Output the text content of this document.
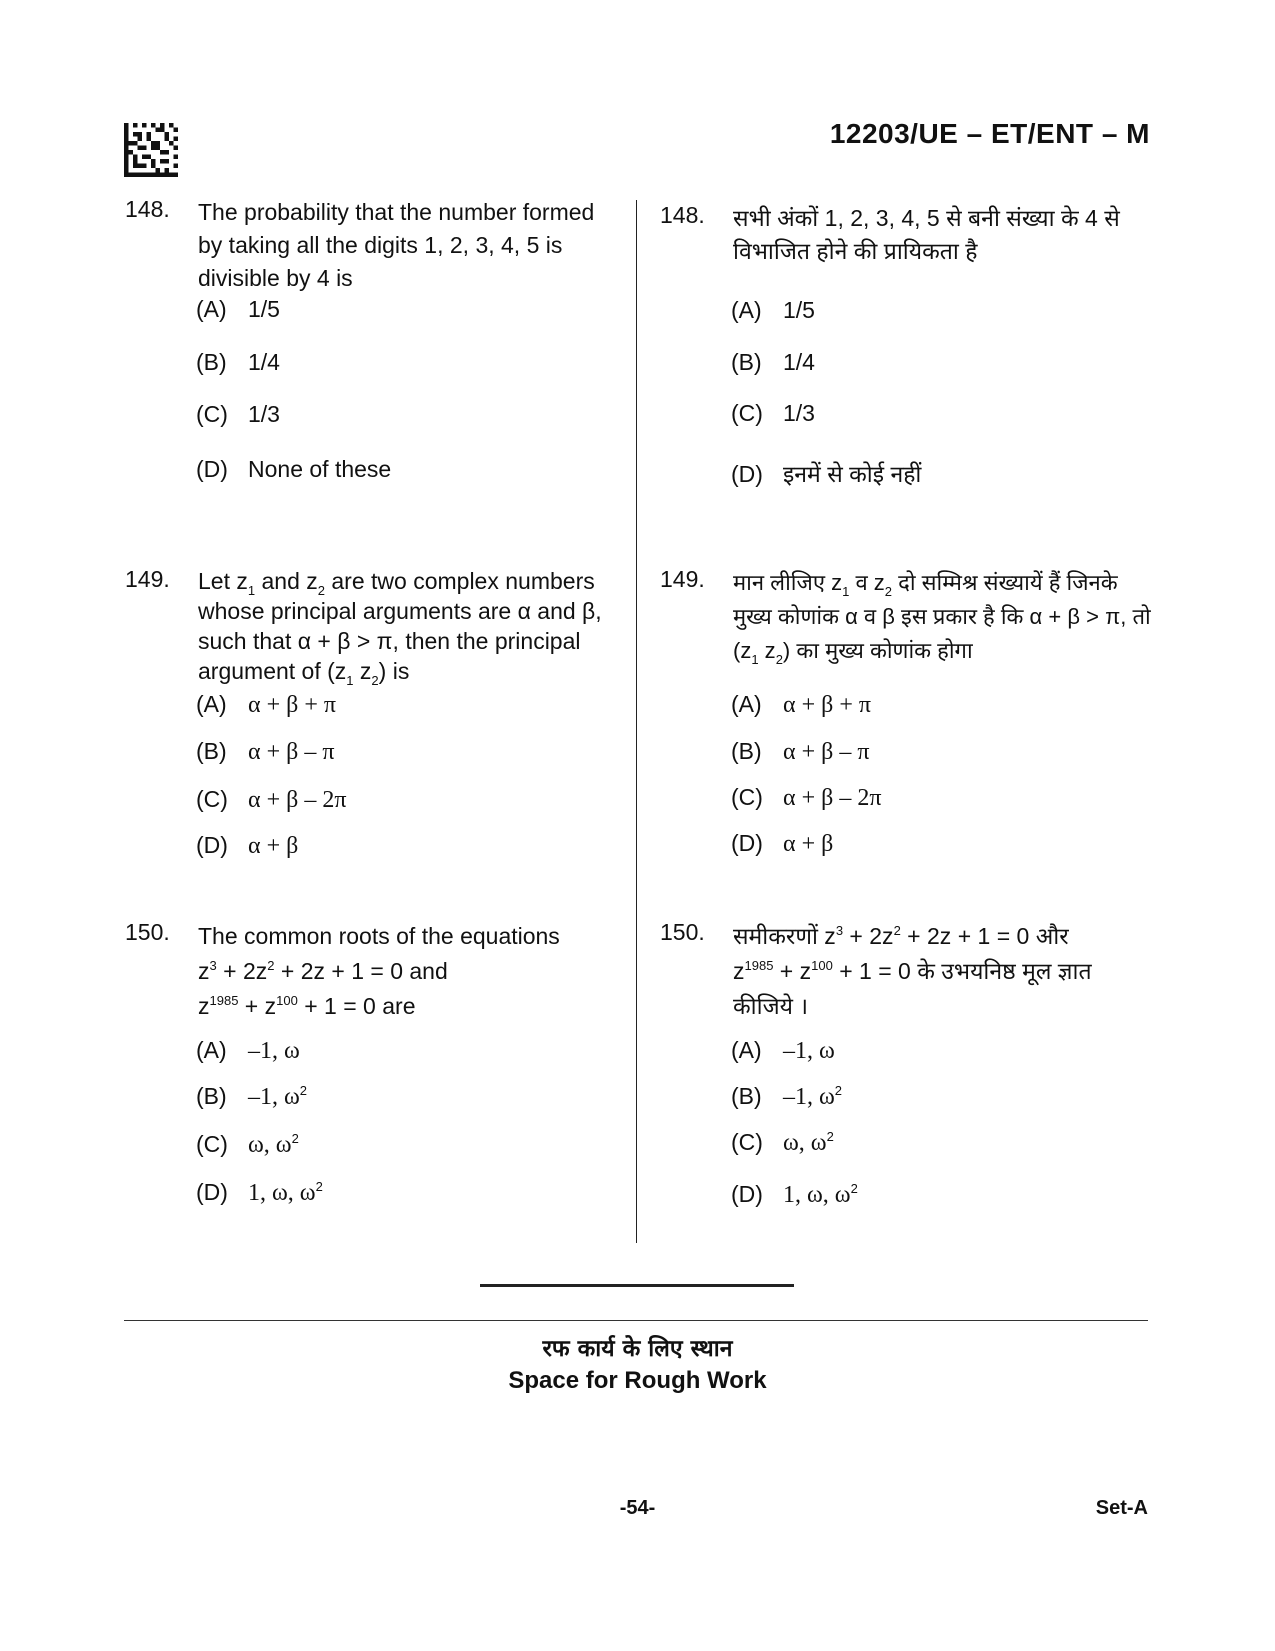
12203/UE – ET/ENT – M
148. The probability that the number formed by taking all the digits 1, 2, 3, 4, 5 is divisible by 4 is
(A) 1/5
(B) 1/4
(C) 1/3
(D) None of these
149. Let $z_1$ and $z_2$ are two complex numbers whose principal arguments are α and β, such that α + β > π, then the principal argument of ($z_1$ $z_2$) is
(A) α + β + π
(B) α + β – π
(C) α + β – 2π
(D) α + β
150. The common roots of the equations
$z^3 + 2z^2 + 2z + 1 = 0$ and
$z^{1985} + z^{100} + 1 = 0$ are
(A) –1, ω
(B) –1, $\omega^2$
(C) ω, $\omega^2$
(D) 1, ω, $\omega^2$
148. सभी अंकों 1, 2, 3, 4, 5 से बनी संख्या के 4 से विभाजित होने की प्रायिकता है
(A) 1/5
(B) 1/4
(C) 1/3
(D) इनमें से कोई नहीं
149. मान लीजिए $z_1$ व $z_2$ दो सम्मिश्र संख्यायें हैं जिनके मुख्य कोणांक α व β इस प्रकार है कि α + β > π, तो ($z_1$ $z_2$) का मुख्य कोणांक होगा
(A) α + β + π
(B) α + β – π
(C) α + β – 2π
(D) α + β
150. समीकरणों $z^3 + 2z^2 + 2z + 1 = 0$ और
$z^{1985} + z^{100} + 1 = 0$ के उभयनिष्ठ मूल ज्ञात
कीजिये ।
(A) –1, ω
(B) –1, $\omega^2$
(C) ω, $\omega^2$
(D) 1, ω, $\omega^2$
रफ कार्य के लिए स्थान
Space for Rough Work
-54-	Set-A
